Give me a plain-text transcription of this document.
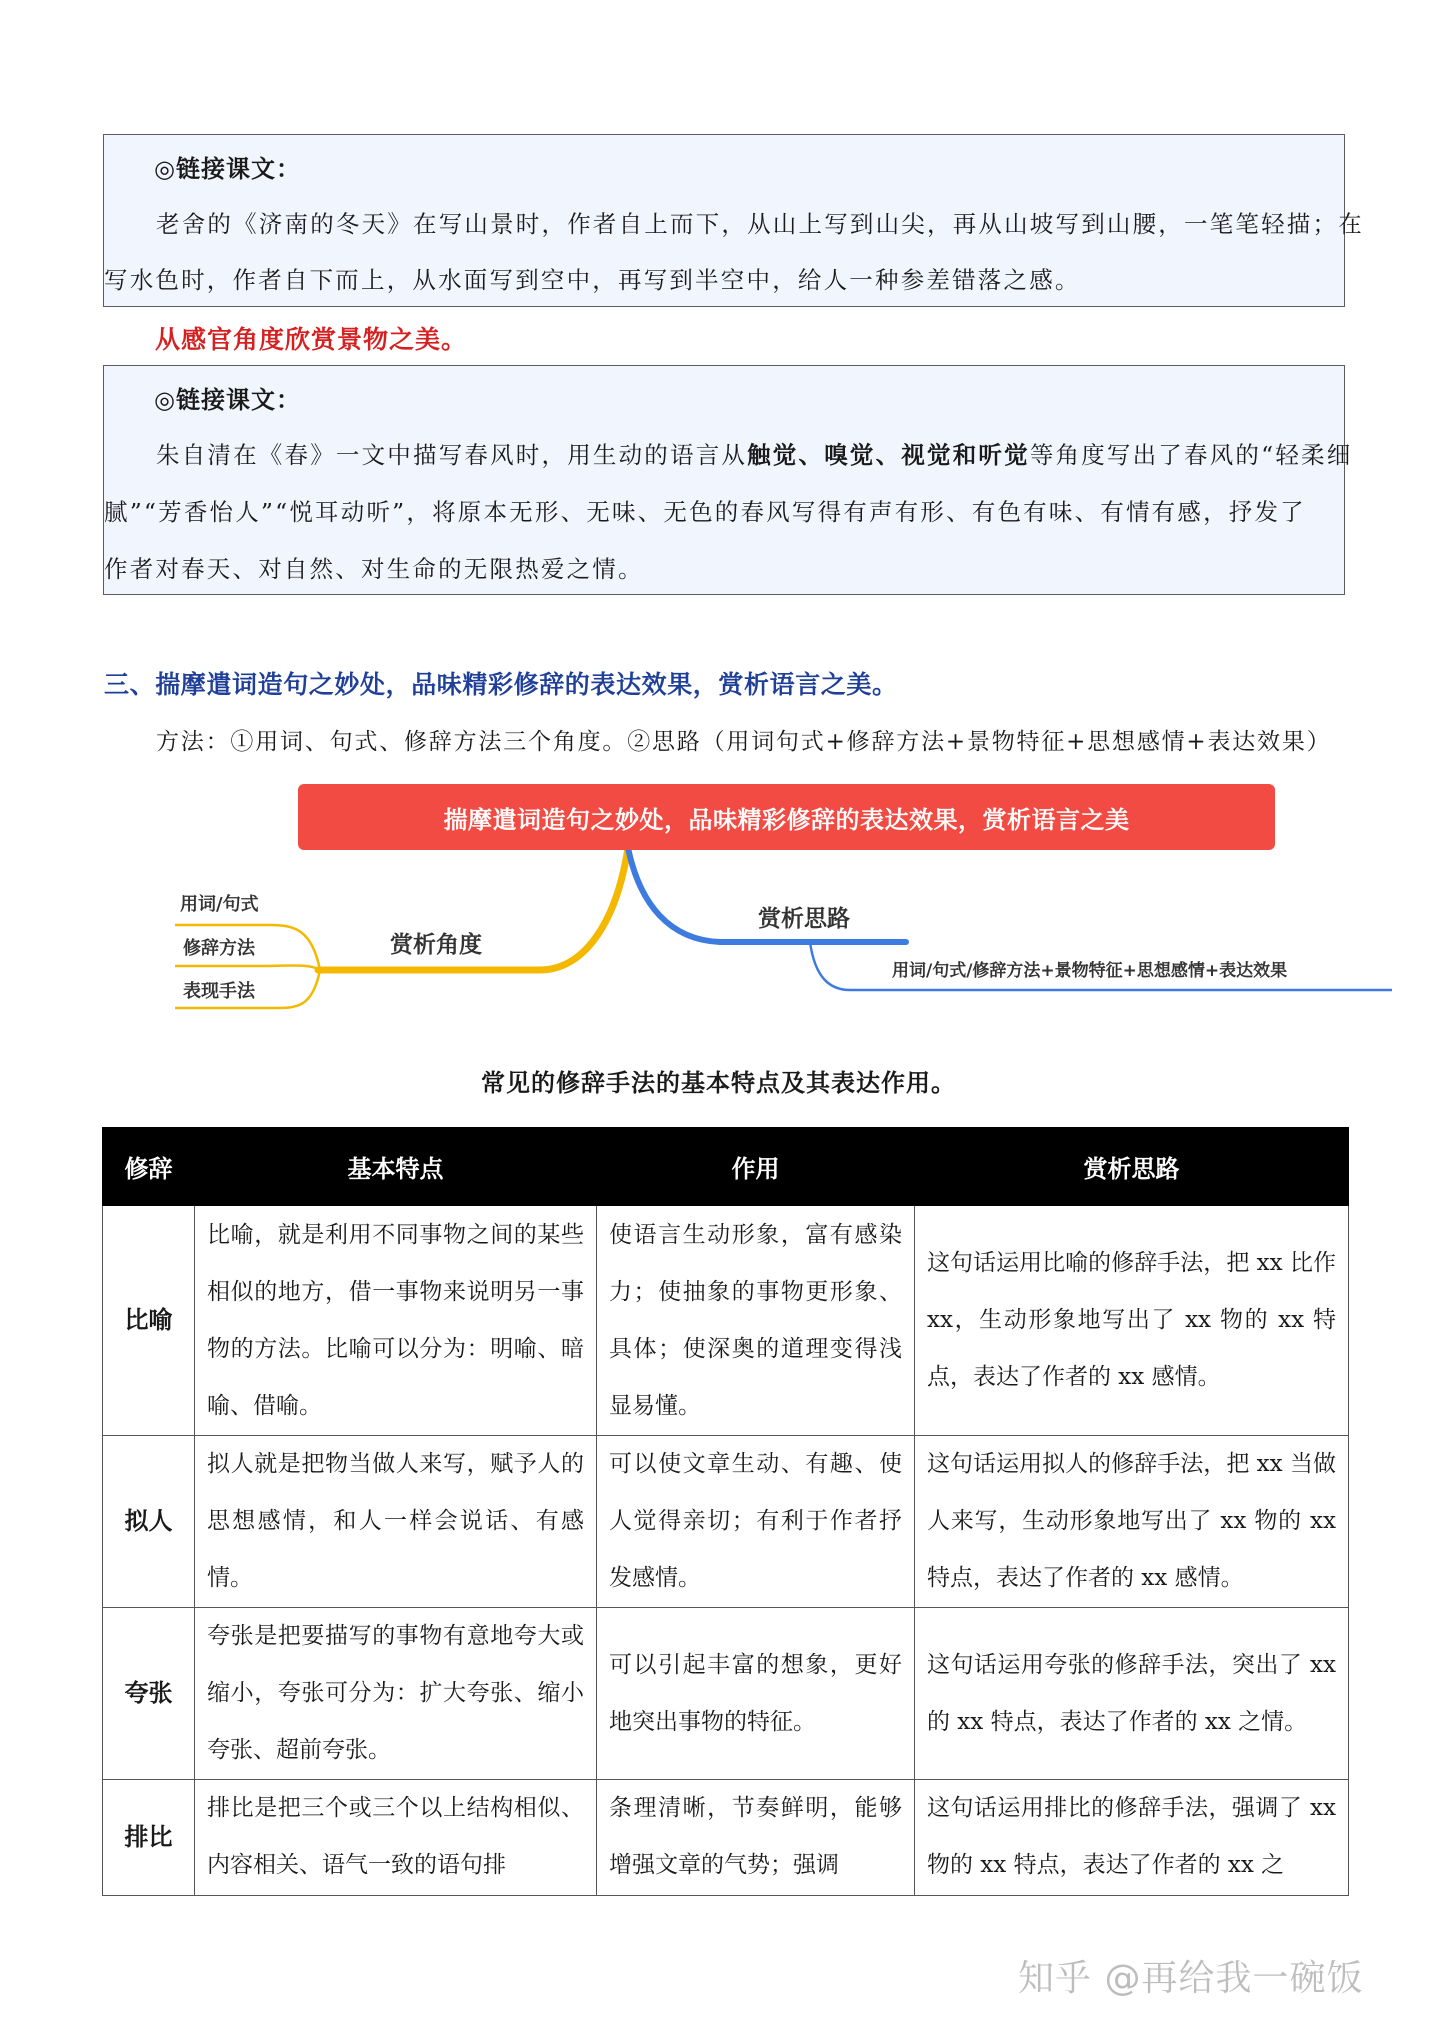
◎链接课文：

老舍的《济南的冬天》在写山景时，作者自上而下，从山上写到山尖，再从山坡写到山腰，一笔笔轻描；在

写水色时，作者自下而上，从水面写到空中，再写到半空中，给人一种参差错落之感。

从感官角度欣赏景物之美。

◎链接课文：

朱自清在《春》一文中描写春风时，用生动的语言从触觉、嗅觉、视觉和听觉等角度写出了春风的“轻柔细

腻”“芳香怡人”“悦耳动听”，将原本无形、无味、无色的春风写得有声有形、有色有味、有情有感，抒发了

作者对春天、对自然、对生命的无限热爱之情。

三、揣摩遣词造句之妙处，品味精彩修辞的表达效果，赏析语言之美。
方法：①用词、句式、修辞方法三个角度。②思路（用词句式+修辞方法+景物特征+思想感情+表达效果）
揣摩遣词造句之妙处，品味精彩修辞的表达效果，赏析语言之美
赏析角度
用词/句式
修辞方法
表现手法
赏析思路
用词/句式/修辞方法+景物特征+思想感情+表达效果
常见的修辞手法的基本特点及其表达作用。
修辞	基本特点	作用	赏析思路
比喻	比喻，就是利用不同事物之间的某些相似的地方，借一事物来说明另一事物的方法。比喻可以分为：明喻、暗喻、借喻。	使语言生动形象，富有感染力；使抽象的事物更形象、具体；使深奥的道理变得浅显易懂。	这句话运用比喻的修辞手法，把 xx 比作 xx，生动形象地写出了 xx 物的 xx 特点，表达了作者的 xx 感情。
拟人	拟人就是把物当做人来写，赋予人的思想感情，和人一样会说话、有感情。	可以使文章生动、有趣、使人觉得亲切；有利于作者抒发感情。	这句话运用拟人的修辞手法，把 xx 当做人来写，生动形象地写出了 xx 物的 xx 特点，表达了作者的 xx 感情。
夸张	夸张是把要描写的事物有意地夸大或缩小，夸张可分为：扩大夸张、缩小夸张、超前夸张。	可以引起丰富的想象，更好地突出事物的特征。	这句话运用夸张的修辞手法，突出了 xx 的 xx 特点，表达了作者的 xx 之情。
排比	排比是把三个或三个以上结构相似、内容相关、语气一致的语句排	条理清晰，节奏鲜明，能够增强文章的气势；强调	这句话运用排比的修辞手法，强调了 xx 物的 xx 特点，表达了作者的 xx 之
知乎 @再给我一碗饭
